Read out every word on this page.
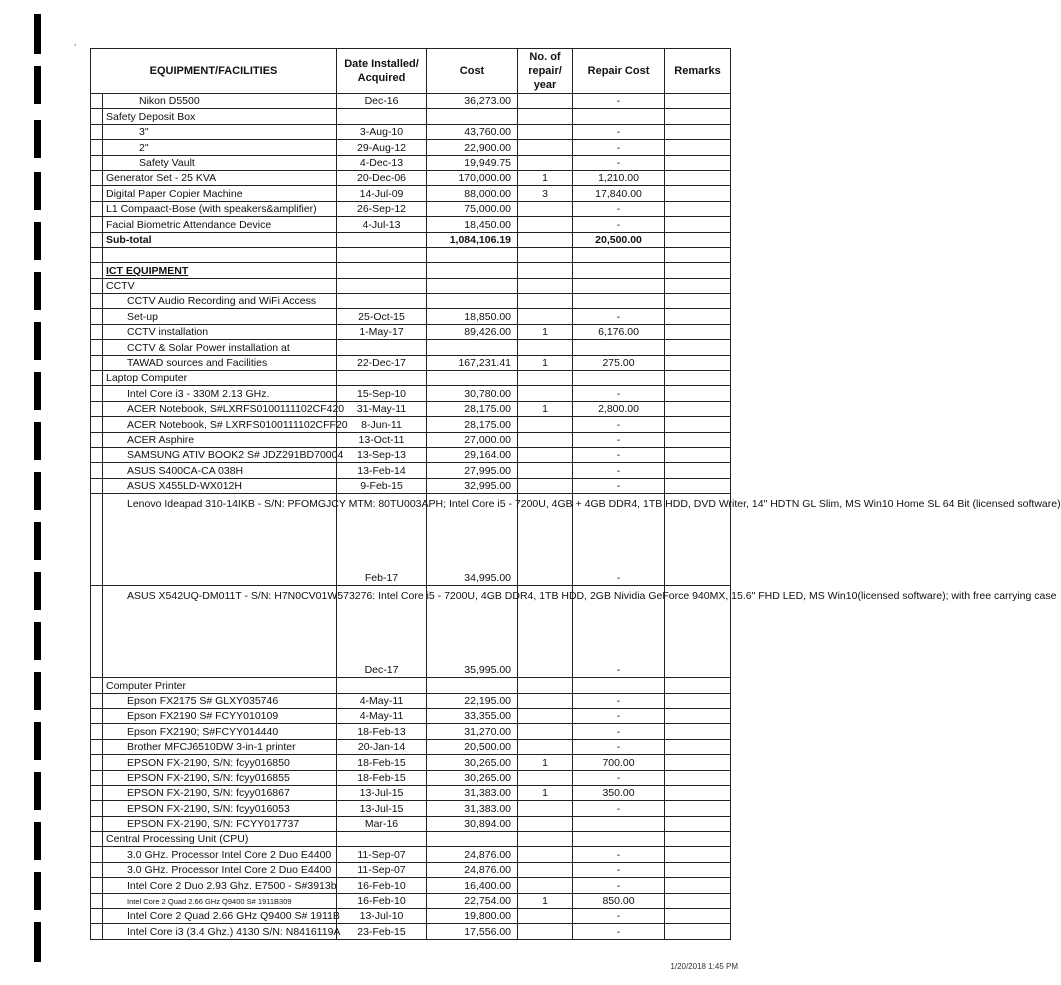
,
EQUIPMENT/FACILITIES		Date Installed/ Acquired	Cost	No. of repair/ year	Repair Cost	Remarks
	Nikon D5500	Dec-16	36,273.00		-	
	Safety Deposit Box					
	3"	3-Aug-10	43,760.00		-	
	2"	29-Aug-12	22,900.00		-	
	Safety Vault	4-Dec-13	19,949.75		-	
	Generator Set - 25 KVA	20-Dec-06	170,000.00	1	1,210.00	
	Digital Paper Copier Machine	14-Jul-09	88,000.00	3	17,840.00	
	L1 Compaact-Bose (with speakers&amplifier)	26-Sep-12	75,000.00		-	
	Facial Biometric Attendance Device	4-Jul-13	18,450.00		-	
	Sub-total		1,084,106.19		20,500.00	

	ICT EQUIPMENT					
	CCTV					
	CCTV Audio Recording and WiFi Access					
	Set-up	25-Oct-15	18,850.00		-	
	CCTV installation	1-May-17	89,426.00	1	6,176.00	
	CCTV & Solar Power installation at					
	TAWAD sources and Facilities	22-Dec-17	167,231.41	1	275.00	
	Laptop Computer					
	Intel Core i3 - 330M 2.13 GHz.	15-Sep-10	30,780.00		-	
	ACER Notebook, S#LXRFS0100111102CF420	31-May-11	28,175.00	1	2,800.00	
	ACER Notebook, S# LXRFS0100111102CFF20	8-Jun-11	28,175.00		-	
	ACER Asphire	13-Oct-11	27,000.00		-	
	SAMSUNG ATIV BOOK2 S# JDZ291BD70004	13-Sep-13	29,164.00		-	
	ASUS S400CA-CA 038H	13-Feb-14	27,995.00		-	
	ASUS X455LD-WX012H	9-Feb-15	32,995.00		-	
	Lenovo Ideapad 310-14IKB - S/N: PFOMGJCY MTM: 80TU003APH; Intel Core i5 - 7200U, 4GB + 4GB DDR4, 1TB HDD, DVD Writer, 14" HDTN GL Slim, MS Win10 Home SL 64 Bit (licensed software)	Feb-17	34,995.00		-	
	ASUS X542UQ-DM011T - S/N: H7N0CV01W573276: Intel Core i5 - 7200U, 4GB DDR4, 1TB HDD, 2GB Nividia GeForce 940MX, 15.6" FHD LED, MS Win10(licensed software); with free carrying case	Dec-17	35,995.00		-	
	Computer Printer					
	Epson FX2175 S# GLXY035746	4-May-11	22,195.00		-	
	Epson FX2190 S# FCYY010109	4-May-11	33,355.00		-	
	Epson FX2190; S#FCYY014440	18-Feb-13	31,270.00		-	
	Brother MFCJ6510DW 3-in-1 printer	20-Jan-14	20,500.00		-	
	EPSON FX-2190, S/N: fcyy016850	18-Feb-15	30,265.00	1	700.00	
	EPSON FX-2190, S/N: fcyy016855	18-Feb-15	30,265.00		-	
	EPSON FX-2190, S/N: fcyy016867	13-Jul-15	31,383.00	1	350.00	
	EPSON FX-2190, S/N: fcyy016053	13-Jul-15	31,383.00		-	
	EPSON FX-2190, S/N: FCYY017737	Mar-16	30,894.00			
	Central Processing Unit (CPU)					
	3.0 GHz. Processor Intel Core 2 Duo E4400	11-Sep-07	24,876.00		-	
	3.0 GHz. Processor Intel Core 2 Duo E4400	11-Sep-07	24,876.00		-	
	Intel Core 2 Duo 2.93 Ghz. E7500 - S#3913b	16-Feb-10	16,400.00		-	
	Intel Core 2 Quad 2.66 GHz Q9400 S# 1911B309	16-Feb-10	22,754.00	1	850.00	
	Intel Core 2 Quad 2.66 GHz Q9400 S# 1911B	13-Jul-10	19,800.00		-	
	Intel Core i3 (3.4 Ghz.) 4130 S/N: N8416119A	23-Feb-15	17,556.00		-	
1/20/2018 1:45 PM
